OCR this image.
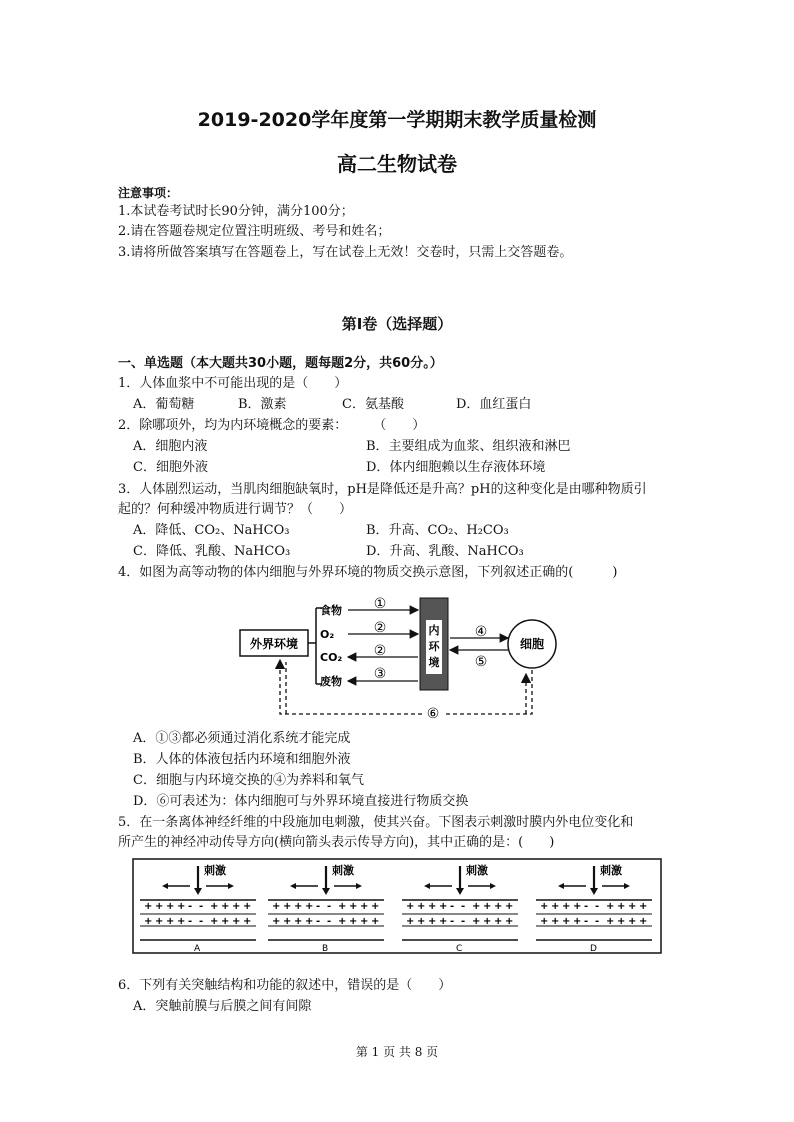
2019-2020学年度第一学期期末教学质量检测
高二生物试卷
注意事项：
1.本试卷考试时长90分钟，满分100分；
2.请在答题卷规定位置注明班级、考号和姓名；
3.请将所做答案填写在答题卷上，写在试卷上无效！交卷时，只需上交答题卷。
第Ⅰ卷（选择题）
一、单选题（本大题共30小题，题每题2分，共60分。）
1．人体血浆中不可能出现的是（　　）
A．葡萄糖	B．激素	C．氨基酸	D．血红蛋白
2．除哪项外，均为内环境概念的要素：　　　（　　）
A．细胞内液	B．主要组成为血浆、组织液和淋巴
C．细胞外液	D．体内细胞赖以生存液体环境
3．人体剧烈运动，当肌肉细胞缺氧时，pH是降低还是升高？pH的这种变化是由哪种物质引
起的？何种缓冲物质进行调节？（　　）
A．降低、CO₂、NaHCO₃	B．升高、CO₂、H₂CO₃
C．降低、乳酸、NaHCO₃	D．升高、乳酸、NaHCO₃
4．如图为高等动物的体内细胞与外界环境的物质交换示意图，下列叙述正确的(　　　)
外界环境
食物
O₂
CO₂
废物
①
②
②
③
内
环
境
④
⑤
细胞
⑥
A．①③都必须通过消化系统才能完成
B．人体的体液包括内环境和细胞外液
C．细胞与内环境交换的④为养料和氧气
D．⑥可表述为：体内细胞可与外界环境直接进行物质交换
5．在一条离体神经纤维的中段施加电刺激，使其兴奋。下图表示刺激时膜内外电位变化和
所产生的神经冲动传导方向(横向箭头表示传导方向)，其中正确的是：(　　)
刺激
+ + + + - - + + + +
+ + + + - - + + + +
A
刺激
+ + + + - - + + + +
+ + + + - - + + + +
B
刺激
+ + + + - - + + + +
+ + + + - - + + + +
C
刺激
+ + + + - - + + + +
+ + + + - - + + + +
D
6．下列有关突触结构和功能的叙述中，错误的是（　　）
A．突触前膜与后膜之间有间隙
第 1 页 共 8 页
